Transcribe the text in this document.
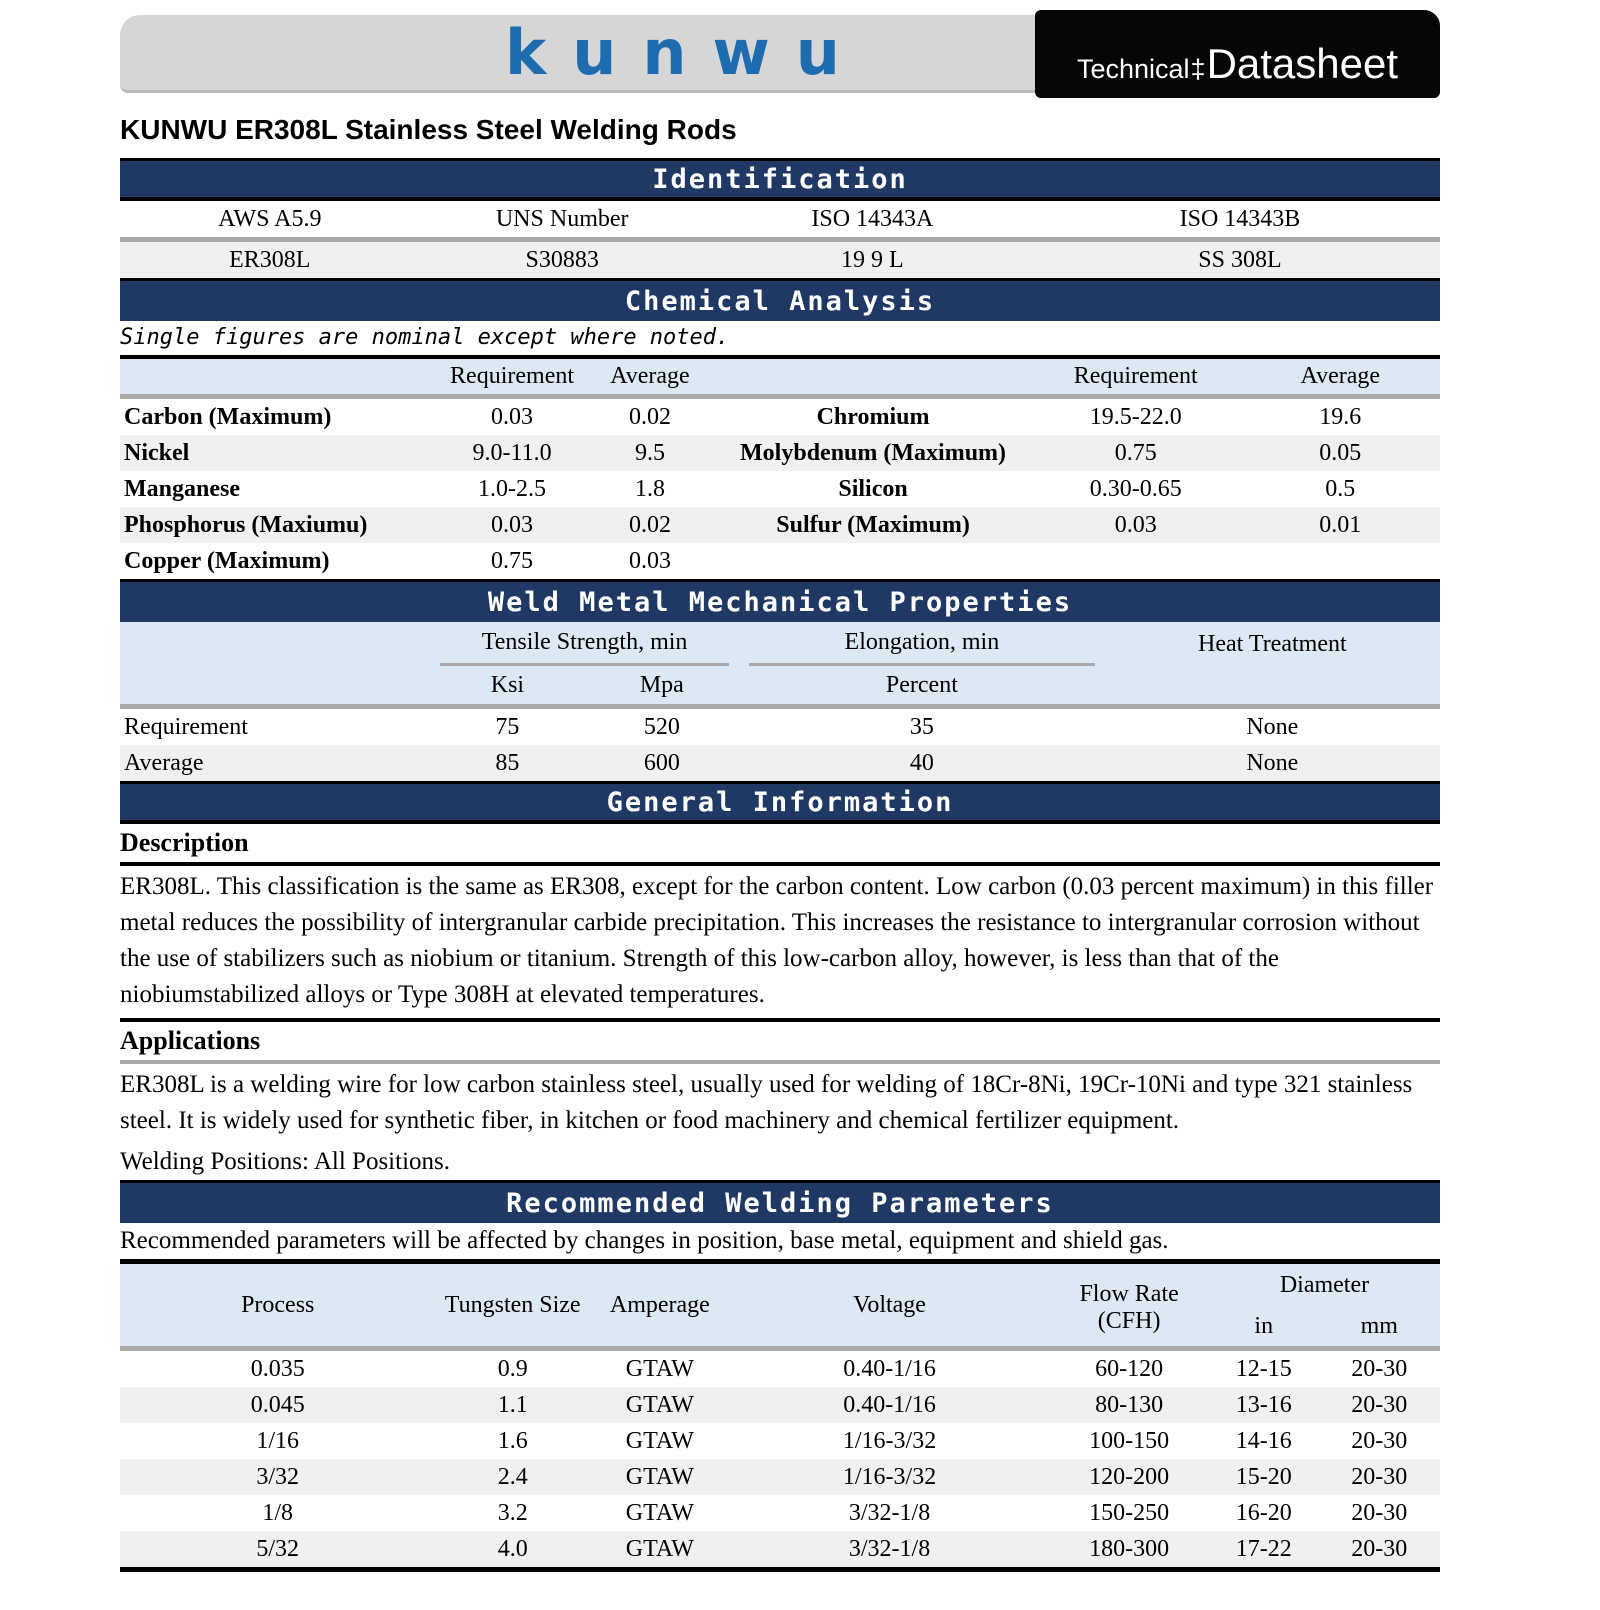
kunwu	Technical ‡ Datasheet
KUNWU ER308L Stainless Steel Welding Rods
Identification
AWS A5.9	UNS Number	ISO 14343A	ISO 14343B
ER308L	S30883	19 9 L	SS 308L
Chemical Analysis
Single figures are nominal except where noted.
Requirement	Average	Requirement	Average
Carbon (Maximum)	0.03	0.02	Chromium	19.5-22.0	19.6
Nickel	9.0-11.0	9.5	Molybdenum (Maximum)	0.75	0.05
Manganese	1.0-2.5	1.8	Silicon	0.30-0.65	0.5
Phosphorus (Maxiumu)	0.03	0.02	Sulfur (Maximum)	0.03	0.01
Copper (Maximum)	0.75	0.03
Weld Metal Mechanical Properties
Tensile Strength, min	Elongation, min	Heat Treatment
Ksi	Mpa	Percent
Requirement	75	520	35	None
Average	85	600	40	None
General Information
Description
ER308L. This classification is the same as ER308, except for the carbon content. Low carbon (0.03 percent maximum) in this filler metal reduces the possibility of intergranular carbide precipitation. This increases the resistance to intergranular corrosion without the use of stabilizers such as niobium or titanium. Strength of this low-carbon alloy, however, is less than that of the niobiumstabilized alloys or Type 308H at elevated temperatures.
Applications
ER308L is a welding wire for low carbon stainless steel, usually used for welding of 18Cr-8Ni, 19Cr-10Ni and type 321 stainless steel. It is widely used for synthetic fiber, in kitchen or food machinery and chemical fertilizer equipment.
Welding Positions: All Positions.
Recommended Welding Parameters
Recommended parameters will be affected by changes in position, base metal, equipment and shield gas.
Diameter
Process	Tungsten Size	Amperage	Voltage	Flow Rate
(CFH)	in	mm
0.035	0.9	GTAW	0.40-1/16	60-120	12-15	20-30
0.045	1.1	GTAW	0.40-1/16	80-130	13-16	20-30
1/16	1.6	GTAW	1/16-3/32	100-150	14-16	20-30
3/32	2.4	GTAW	1/16-3/32	120-200	15-20	20-30
1/8	3.2	GTAW	3/32-1/8	150-250	16-20	20-30
5/32	4.0	GTAW	3/32-1/8	180-300	17-22	20-30
